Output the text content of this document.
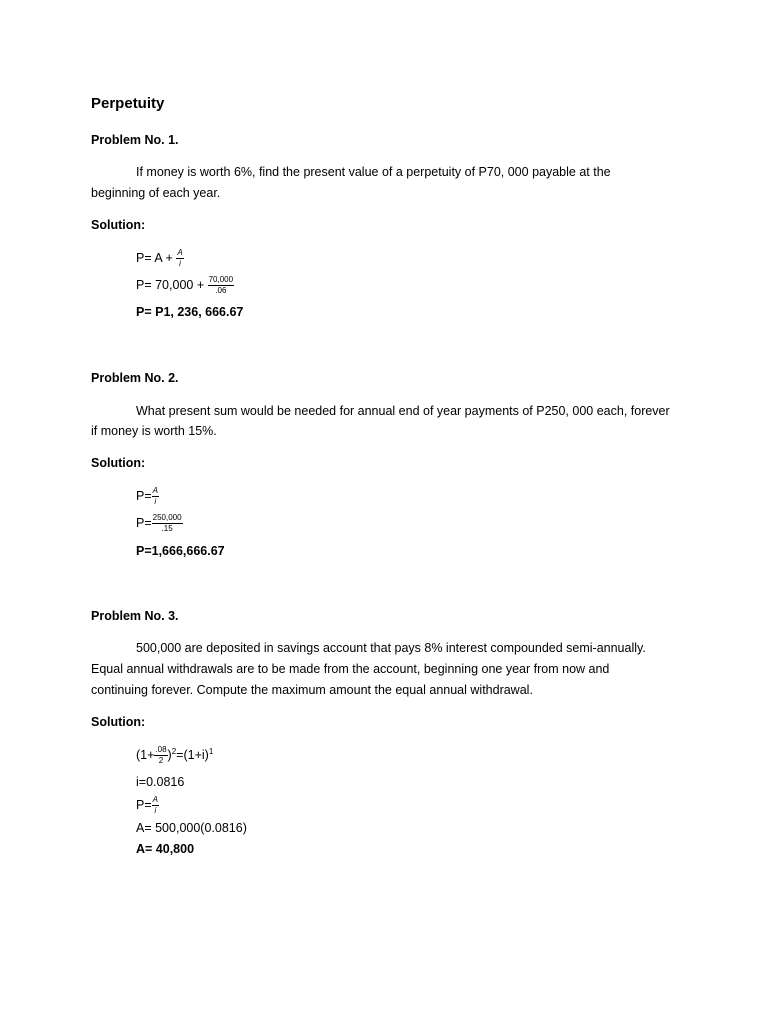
Perpetuity
Problem No. 1.
If money is worth 6%, find the present value of a perpetuity of P70, 000 payable at the
beginning of each year.
Solution:
$P= A + \frac{A}{i}$
$P= 70,000 + \frac{70,000}{.06}$
P= P1, 236, 666.67
Problem No. 2.
What present sum would be needed for annual end of year payments of P250, 000 each, forever
if money is worth 15%.
Solution:
$P= \frac{A}{i}$
$P= \frac{250,000}{.15}$
P=1,666,666.67
Problem No. 3.
500,000 are deposited in savings account that pays 8% interest compounded semi-annually.
Equal annual withdrawals are to be made from the account, beginning one year from now and
continuing forever. Compute the maximum amount the equal annual withdrawal.
Solution:
$(1+ \frac{.08}{2} )^2=(1+i)^1$
i=0.0816
$P= \frac{A}{i}$
A= 500,000(0.0816)
A= 40,800
